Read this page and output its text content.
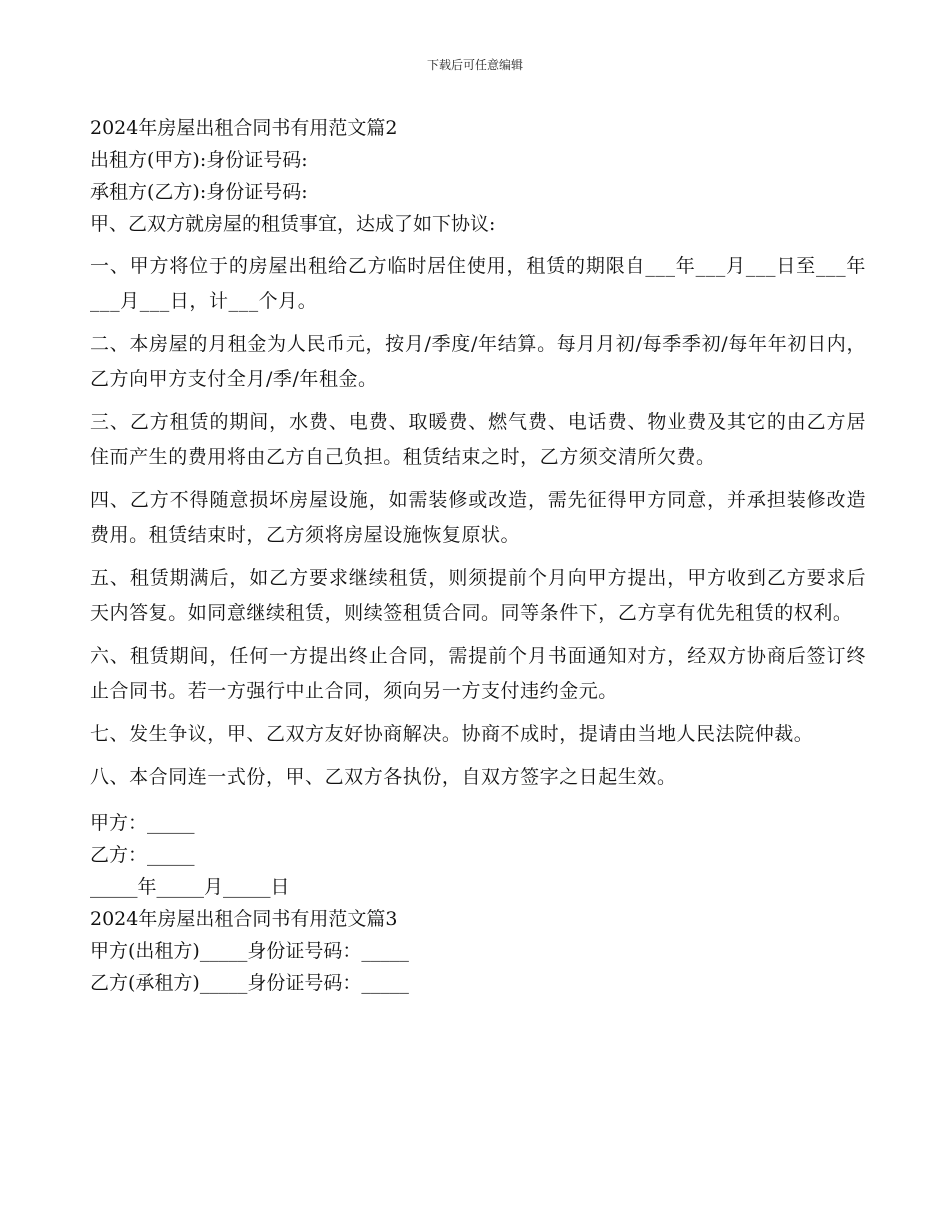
下载后可任意编辑
2024年房屋出租合同书有用范文篇2
出租方(甲方):身份证号码:
承租方(乙方):身份证号码:
甲、乙双方就房屋的租赁事宜，达成了如下协议:

一、甲方将位于的房屋出租给乙方临时居住使用，租赁的期限自___年___月___日至___年___月___日，计___个月。

二、本房屋的月租金为人民币元，按月/季度/年结算。每月月初/每季季初/每年年初日内，乙方向甲方支付全月/季/年租金。

三、乙方租赁的期间，水费、电费、取暖费、燃气费、电话费、物业费及其它的由乙方居住而产生的费用将由乙方自己负担。租赁结束之时，乙方须交清所欠费。

四、乙方不得随意损坏房屋设施，如需装修或改造，需先征得甲方同意，并承担装修改造费用。租赁结束时，乙方须将房屋设施恢复原状。

五、租赁期满后，如乙方要求继续租赁，则须提前个月向甲方提出，甲方收到乙方要求后天内答复。如同意继续租赁，则续签租赁合同。同等条件下，乙方享有优先租赁的权利。

六、租赁期间，任何一方提出终止合同，需提前个月书面通知对方，经双方协商后签订终止合同书。若一方强行中止合同，须向另一方支付违约金元。

七、发生争议，甲、乙双方友好协商解决。协商不成时，提请由当地人民法院仲裁。

八、本合同连一式份，甲、乙双方各执份，自双方签字之日起生效。

甲方：_____
乙方：_____
_____年_____月_____日
2024年房屋出租合同书有用范文篇3
甲方(出租方)_____身份证号码：_____
乙方(承租方)_____身份证号码：_____
